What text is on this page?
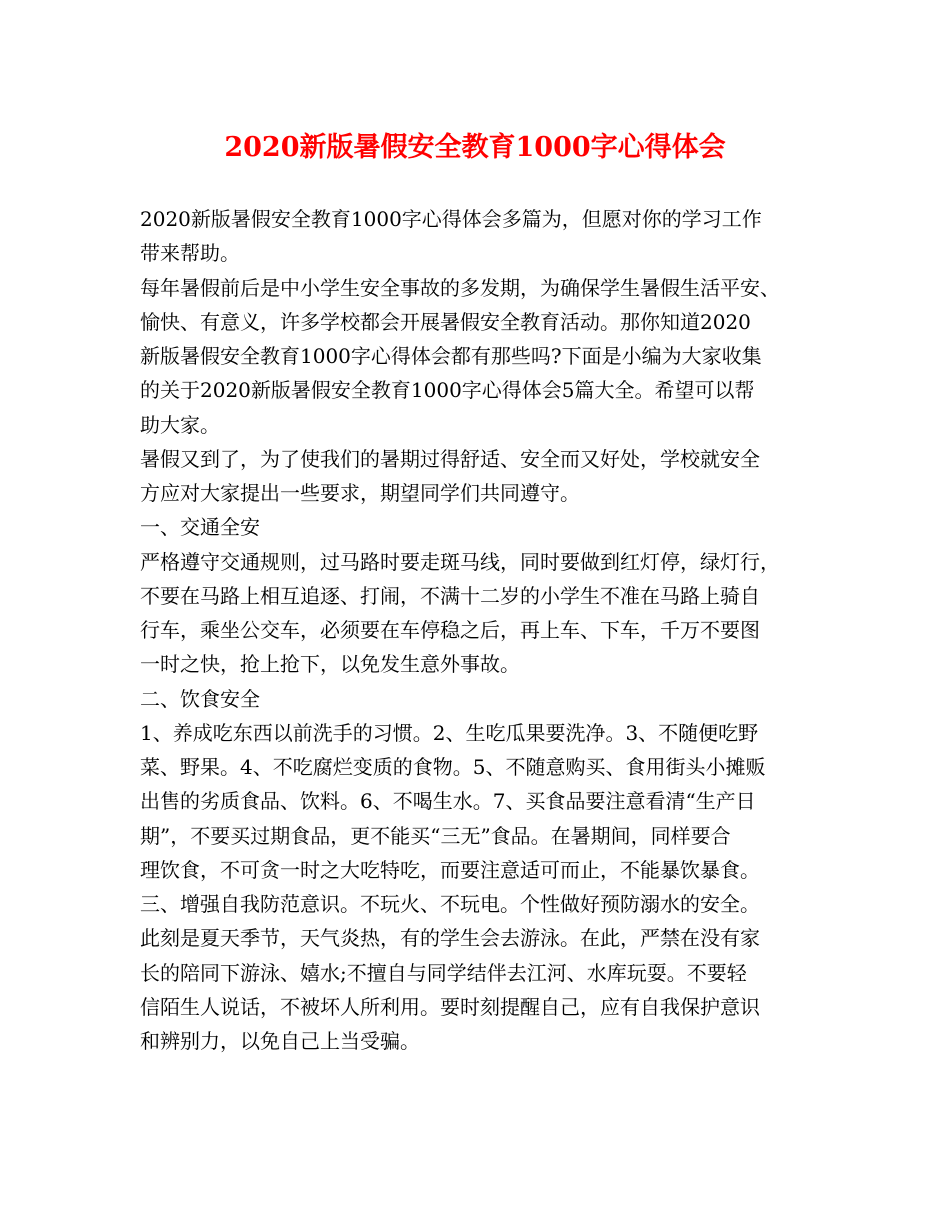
2020新版暑假安全教育1000字心得体会
2020新版暑假安全教育1000字心得体会多篇为，但愿对你的学习工作
带来帮助。
每年暑假前后是中小学生安全事故的多发期，为确保学生暑假生活平安、
愉快、有意义，许多学校都会开展暑假安全教育活动。那你知道2020
新版暑假安全教育1000字心得体会都有那些吗?下面是小编为大家收集
的关于2020新版暑假安全教育1000字心得体会5篇大全。希望可以帮
助大家。
暑假又到了，为了使我们的暑期过得舒适、安全而又好处，学校就安全
方应对大家提出一些要求，期望同学们共同遵守。
一、交通全安
严格遵守交通规则，过马路时要走斑马线，同时要做到红灯停，绿灯行，
不要在马路上相互追逐、打闹，不满十二岁的小学生不准在马路上骑自
行车，乘坐公交车，必须要在车停稳之后，再上车、下车，千万不要图
一时之快，抢上抢下，以免发生意外事故。
二、饮食安全
1、养成吃东西以前洗手的习惯。2、生吃瓜果要洗净。3、不随便吃野
菜、野果。4、不吃腐烂变质的食物。5、不随意购买、食用街头小摊贩
出售的劣质食品、饮料。6、不喝生水。7、买食品要注意看清“生产日
期”，不要买过期食品，更不能买“三无”食品。在暑期间，同样要合
理饮食，不可贪一时之大吃特吃，而要注意适可而止，不能暴饮暴食。
三、增强自我防范意识。不玩火、不玩电。个性做好预防溺水的安全。
此刻是夏天季节，天气炎热，有的学生会去游泳。在此，严禁在没有家
长的陪同下游泳、嬉水;不擅自与同学结伴去江河、水库玩耍。不要轻
信陌生人说话，不被坏人所利用。要时刻提醒自己，应有自我保护意识
和辨别力，以免自己上当受骗。
